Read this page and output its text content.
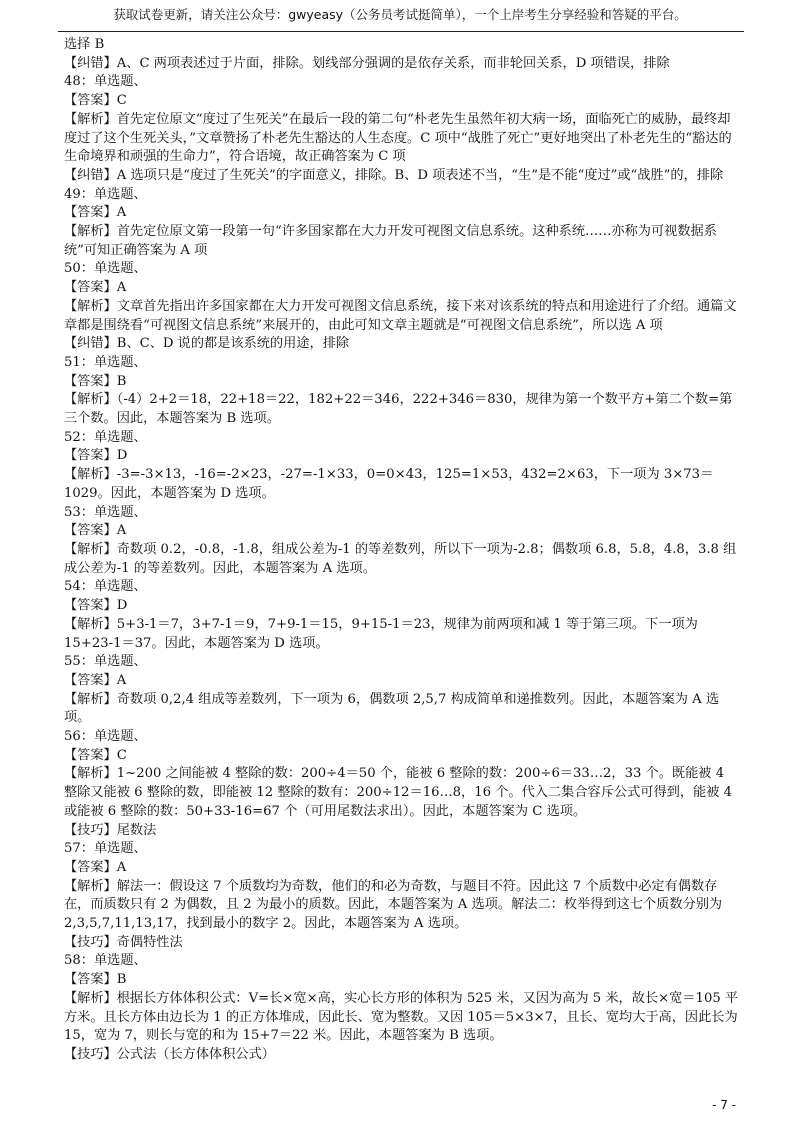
获取试卷更新，请关注公众号：gwyeasy（公务员考试挺简单），一个上岸考生分享经验和答疑的平台。
选择 B
【纠错】A、C 两项表述过于片面，排除。划线部分强调的是依存关系，而非轮回关系，D 项错误，排除
48：单选题、
【答案】C
【解析】首先定位原文“度过了生死关”在最后一段的第二句“朴老先生虽然年初大病一场，面临死亡的威胁，最终却度过了这个生死关头，”文章赞扬了朴老先生豁达的人生态度。C 项中“战胜了死亡”更好地突出了朴老先生的“豁达的生命境界和顽强的生命力”，符合语境，故正确答案为 C 项
【纠错】A 选项只是“度过了生死关”的字面意义，排除。B、D 项表述不当，“生”是不能“度过”或“战胜”的，排除
49：单选题、
【答案】A
【解析】首先定位原文第一段第一句“许多国家都在大力开发可视图文信息系统。这种系统……亦称为可视数据系统”可知正确答案为 A 项
50：单选题、
【答案】A
【解析】文章首先指出许多国家都在大力开发可视图文信息系统，接下来对该系统的特点和用途进行了介绍。通篇文章都是围绕看“可视图文信息系统”来展开的，由此可知文章主题就是“可视图文信息系统”，所以选 A 项
【纠错】B、C、D 说的都是该系统的用途，排除
51：单选题、
【答案】B
【解析】（-4）2+2＝18，22+18＝22，182+22＝346，222+346＝830，规律为第一个数平方+第二个数=第三个数。因此，本题答案为 B 选项。
52：单选题、
【答案】D
【解析】-3=-3×13，-16=-2×23，-27=-1×33，0=0×43，125=1×53，432=2×63，下一项为 3×73＝1029。因此，本题答案为 D 选项。
53：单选题、
【答案】A
【解析】奇数项 0.2，-0.8，-1.8，组成公差为-1 的等差数列，所以下一项为-2.8；偶数项 6.8，5.8，4.8，3.8 组成公差为-1 的等差数列。因此，本题答案为 A 选项。
54：单选题、
【答案】D
【解析】5+3-1＝7，3+7-1＝9，7+9-1＝15，9+15-1＝23，规律为前两项和减 1 等于第三项。下一项为 15+23-1＝37。因此，本题答案为 D 选项。
55：单选题、
【答案】A
【解析】奇数项 0,2,4 组成等差数列，下一项为 6，偶数项 2,5,7 构成简单和递推数列。因此，本题答案为 A 选项。
56：单选题、
【答案】C
【解析】1~200 之间能被 4 整除的数：200÷4＝50 个，能被 6 整除的数：200÷6＝33…2，33 个。既能被 4 整除又能被 6 整除的数，即能被 12 整除的数有：200÷12＝16…8，16 个。代入二集合容斥公式可得到，能被 4 或能被 6 整除的数：50+33-16=67 个（可用尾数法求出）。因此，本题答案为 C 选项。
【技巧】尾数法
57：单选题、
【答案】A
【解析】解法一：假设这 7 个质数均为奇数，他们的和必为奇数，与题目不符。因此这 7 个质数中必定有偶数存在，而质数只有 2 为偶数，且 2 为最小的质数。因此，本题答案为 A 选项。解法二：枚举得到这七个质数分别为 2,3,5,7,11,13,17，找到最小的数字 2。因此，本题答案为 A 选项。
【技巧】奇偶特性法
58：单选题、
【答案】B
【解析】根据长方体体积公式：V=长×宽×高，实心长方形的体积为 525 米，又因为高为 5 米，故长×宽＝105 平方米。且长方体由边长为 1 的正方体堆成，因此长、宽为整数。又因 105＝5×3×7，且长、宽均大于高，因此长为 15，宽为 7，则长与宽的和为 15+7＝22 米。因此，本题答案为 B 选项。
【技巧】公式法（长方体体积公式）
- 7 -
